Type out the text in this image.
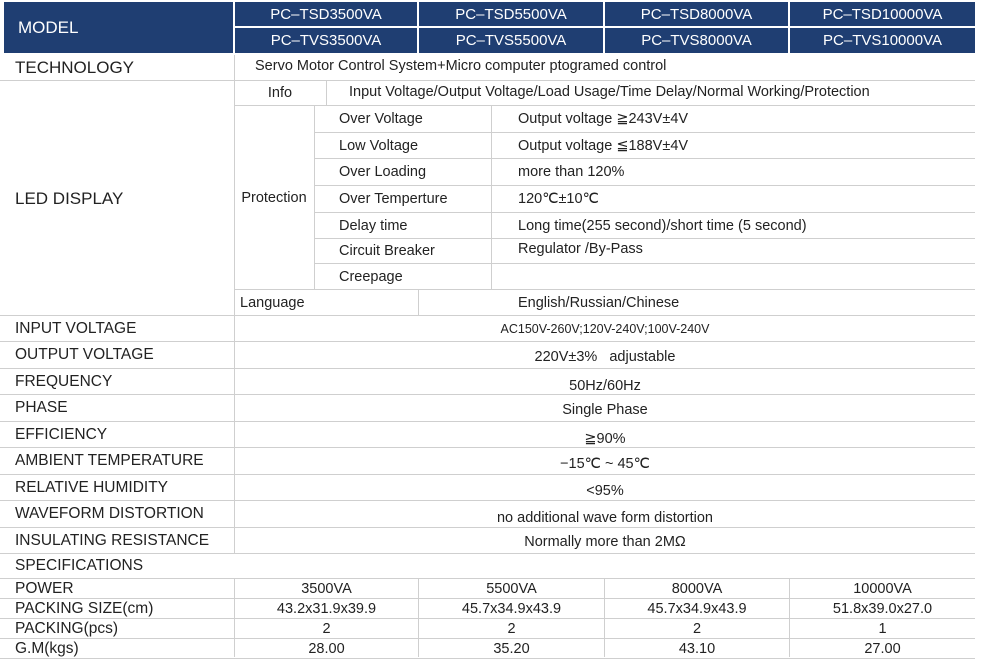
MODEL
PC–TSD3500VA	PC–TSD5500VA	PC–TSD8000VA	PC–TSD10000VA
PC–TVS3500VA	PC–TVS5500VA	PC–TVS8000VA	PC–TVS10000VA
TECHNOLOGY	Servo Motor Control System+Micro computer ptogramed control
LED DISPLAY
Info	Input Voltage/Output Voltage/Load Usage/Time Delay/Normal Working/Protection
Protection
Over Voltage	Output voltage ≧243V±4V
Low Voltage	Output voltage ≦188V±4V
Over Loading	more than 120%
Over Temperture	120℃±10℃
Delay time	Long time(255 second)/short time (5 second)
Circuit Breaker	Regulator /By-Pass
Creepage
Language	English/Russian/Chinese
INPUT VOLTAGE	AC150V-260V;120V-240V;100V-240V
OUTPUT VOLTAGE	220V±3%   adjustable
FREQUENCY	50Hz/60Hz
PHASE	Single Phase
EFFICIENCY	≧90%
AMBIENT TEMPERATURE	−15℃ ~ 45℃
RELATIVE HUMIDITY	<95%
WAVEFORM DISTORTION	no additional wave form distortion
INSULATING RESISTANCE	Normally more than 2MΩ
SPECIFICATIONS
POWER	3500VA	5500VA	8000VA	10000VA
PACKING SIZE(cm)	43.2x31.9x39.9	45.7x34.9x43.9	45.7x34.9x43.9	51.8x39.0x27.0
PACKING(pcs)	2	2	2	1
G.M(kgs)	28.00	35.20	43.10	27.00
